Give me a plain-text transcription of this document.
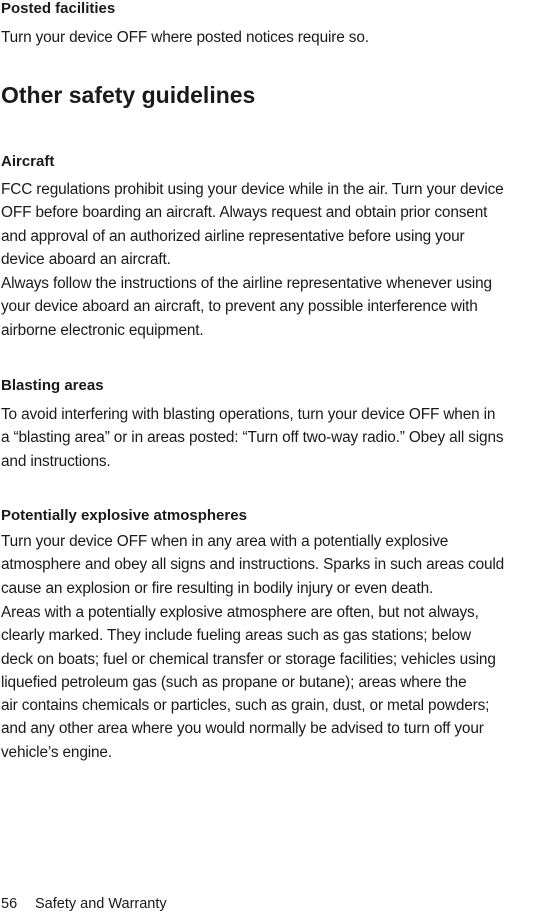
Posted facilities
Turn your device OFF where posted notices require so.
Other safety guidelines
Aircraft
FCC regulations prohibit using your device while in the air. Turn your device
OFF before boarding an aircraft. Always request and obtain prior consent
and approval of an authorized airline representative before using your
device aboard an aircraft.
Always follow the instructions of the airline representative whenever using
your device aboard an aircraft, to prevent any possible interference with
airborne electronic equipment.
Blasting areas
To avoid interfering with blasting operations, turn your device OFF when in
a “blasting area” or in areas posted: “Turn off two-way radio.” Obey all signs
and instructions.
Potentially explosive atmospheres
Turn your device OFF when in any area with a potentially explosive
atmosphere and obey all signs and instructions. Sparks in such areas could
cause an explosion or fire resulting in bodily injury or even death.
Areas with a potentially explosive atmosphere are often, but not always,
clearly marked. They include fueling areas such as gas stations; below
deck on boats; fuel or chemical transfer or storage facilities; vehicles using
liquefied petroleum gas (such as propane or butane); areas where the
air contains chemicals or particles, such as grain, dust, or metal powders;
and any other area where you would normally be advised to turn off your
vehicle’s engine.
56 Safety and Warranty
